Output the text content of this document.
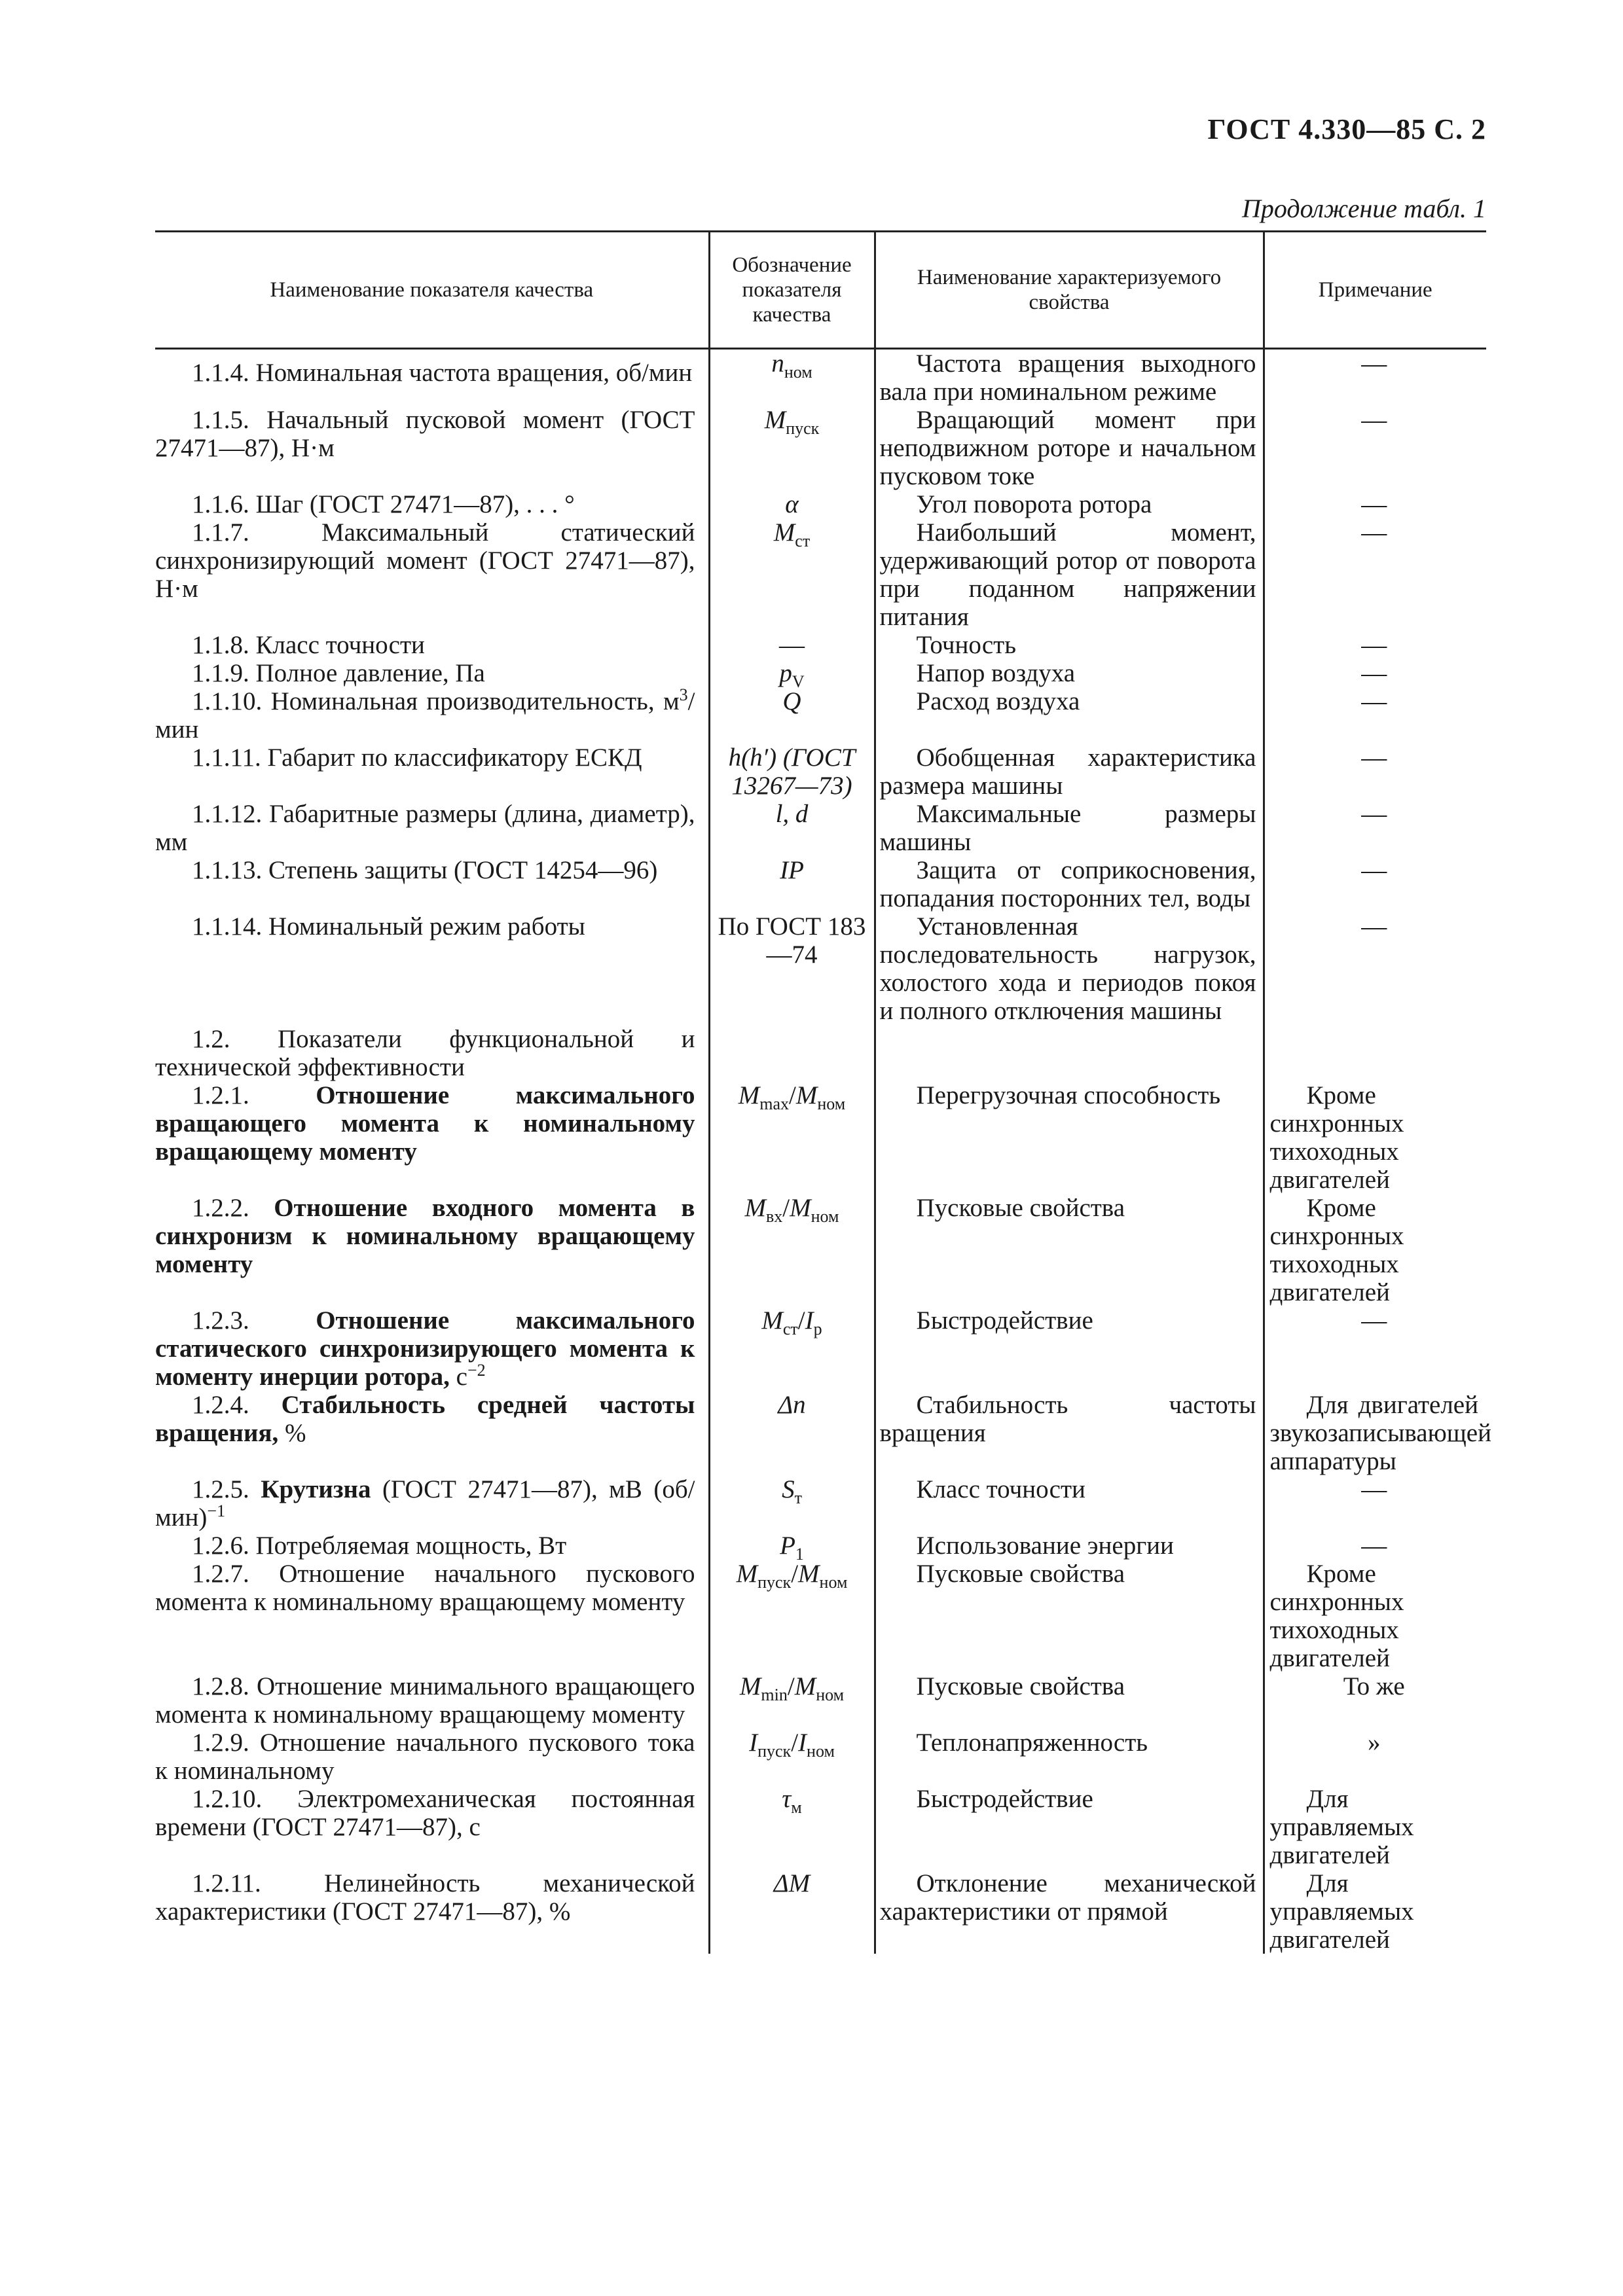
ГОСТ 4.330—85 С. 2
Продолжение табл. 1
Наименование показателя качества	Обозначение показателя качества	Наименование характеризуемого свойства	Примечание

1.1.4. Номинальная частота вращения, об/мин	$n_{ном}$	Частота вращения выходного вала при номинальном режиме	—

1.1.5. Начальный пусковой момент (ГОСТ 27471—87), Н·м	$M_{пуск}$	Вращающий момент при неподвижном роторе и начальном пусковом токе	—

1.1.6. Шаг (ГОСТ 27471—87), . . . °	α	Угол поворота ротора	—

1.1.7. Максимальный статический синхронизирующий момент (ГОСТ 27471—87), Н·м	$M_{ст}$	Наибольший момент, удерживающий ротор от поворота при поданном напряжении питания	—

1.1.8. Класс точности	—	Точность	—

1.1.9. Полное давление, Па	$p_V$	Напор воздуха	—

1.1.10. Номинальная производительность, $м^3$/мин	Q	Расход воздуха	—

1.1.11. Габарит по классификатору ЕСКД	h(h′) (ГОСТ 13267—73)	Обобщенная характеристика размера машины	—

1.1.12. Габаритные размеры (длина, диаметр), мм	l, d	Максимальные размеры машины	—

1.1.13. Степень защиты (ГОСТ 14254—96)	IP	Защита от соприкосновения, попадания посторонних тел, воды	—

1.1.14. Номинальный режим работы	По ГОСТ 183—74	Установленная последовательность нагрузок, холостого хода и периодов покоя и полного отключения машины	—

1.2. Показатели функциональной и технической эффективности			

1.2.1. Отношение максимального вращающего момента к номинальному вращающему моменту	$M_{max}/M_{ном}$	Перегрузочная способность	Кроме синхронных тихоходных двигателей

1.2.2. Отношение входного момента в синхронизм к номинальному вращающему моменту	$M_{вх}/M_{ном}$	Пусковые свойства	Кроме синхронных тихоходных двигателей

1.2.3. Отношение максимального статического синхронизирующего момента к моменту инерции ротора, $с^{-2}$	$M_{ст}/I_р$	Быстродействие	—

1.2.4. Стабильность средней частоты вращения, %	Δn	Стабильность частоты вращения	Для двигателей звукозаписывающей аппаратуры

1.2.5. Крутизна (ГОСТ 27471—87), мВ $(об/мин)^{-1}$	$S_т$	Класс точности	—

1.2.6. Потребляемая мощность, Вт	$P_1$	Использование энергии	—

1.2.7. Отношение начального пускового момента к номинальному вращающему моменту	$M_{пуск}/M_{ном}$	Пусковые свойства	Кроме синхронных тихоходных двигателей

1.2.8. Отношение минимального вращающего момента к номинальному вращающему моменту	$M_{min}/M_{ном}$	Пусковые свойства	То же

1.2.9. Отношение начального пускового тока к номинальному	$I_{пуск}/I_{ном}$	Теплонапряженность	»

1.2.10. Электромеханическая постоянная времени (ГОСТ 27471—87), с	$\tau_м$	Быстродействие	Для управляемых двигателей

1.2.11. Нелинейность механической характеристики (ГОСТ 27471—87), %	ΔM	Отклонение механической характеристики от прямой	Для управляемых двигателей
